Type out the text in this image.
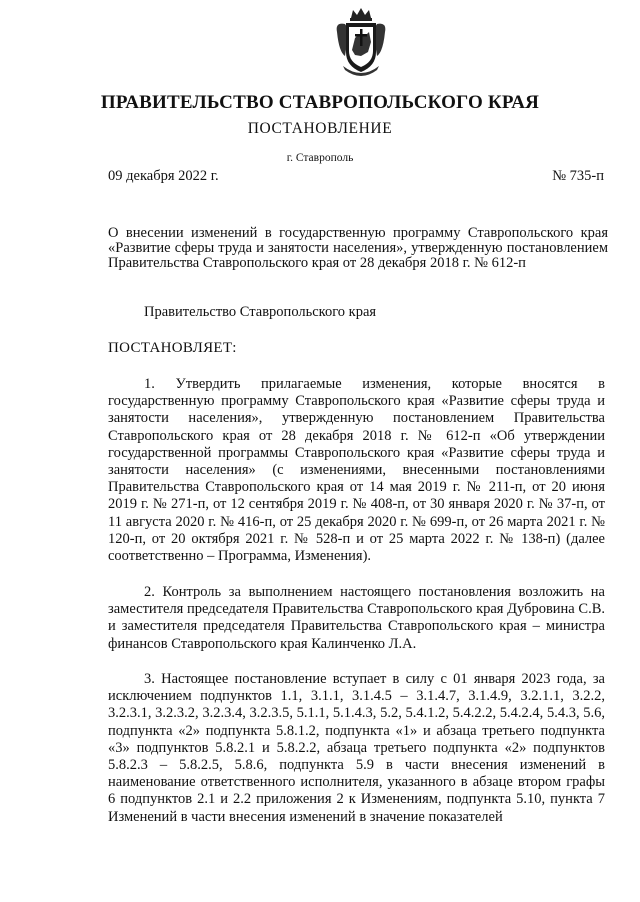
ПРАВИТЕЛЬСТВО СТАВРОПОЛЬСКОГО КРАЯ
ПОСТАНОВЛЕНИЕ
г. Ставрополь
09 декабря 2022 г.	№ 735-п
О внесении изменений в государственную программу Ставропольского края «Развитие сферы труда и занятости населения», утвержденную постановлением Правительства Ставропольского края от 28 декабря 2018 г. № 612-п
Правительство Ставропольского края
ПОСТАНОВЛЯЕТ:

1. Утвердить прилагаемые изменения, которые вносятся в государственную программу Ставропольского края «Развитие сферы труда и занятости населения», утвержденную постановлением Правительства Ставропольского края от 28 декабря 2018 г. № 612-п «Об утверждении государственной программы Ставропольского края «Развитие сферы труда и занятости населения» (с изменениями, внесенными постановлениями Правительства Ставропольского края от 14 мая 2019 г. № 211-п, от 20 июня 2019 г. № 271-п, от 12 сентября 2019 г. № 408-п, от 30 января 2020 г. № 37-п, от 11 августа 2020 г. № 416-п, от 25 декабря 2020 г. № 699-п, от 26 марта 2021 г. № 120-п, от 20 октября 2021 г. № 528-п и от 25 марта 2022 г. № 138-п) (далее соответственно – Программа, Изменения).

2. Контроль за выполнением настоящего постановления возложить на заместителя председателя Правительства Ставропольского края Дубровина С.В. и заместителя председателя Правительства Ставропольского края – министра финансов Ставропольского края Калинченко Л.А.

3. Настоящее постановление вступает в силу с 01 января 2023 года, за исключением подпунктов 1.1, 3.1.1, 3.1.4.5 – 3.1.4.7, 3.1.4.9, 3.2.1.1, 3.2.2, 3.2.3.1, 3.2.3.2, 3.2.3.4, 3.2.3.5, 5.1.1, 5.1.4.3, 5.2, 5.4.1.2, 5.4.2.2, 5.4.2.4, 5.4.3, 5.6, подпункта «2» подпункта 5.8.1.2, подпункта «1» и абзаца третьего подпункта «3» подпунктов 5.8.2.1 и 5.8.2.2, абзаца третьего подпункта «2» подпунктов 5.8.2.3 – 5.8.2.5, 5.8.6, подпункта 5.9 в части внесения изменений в наименование ответственного исполнителя, указанного в абзаце втором графы 6 подпунктов 2.1 и 2.2 приложения 2 к Изменениям, подпункта 5.10, пункта 7 Изменений в части внесения изменений в значение показателей
